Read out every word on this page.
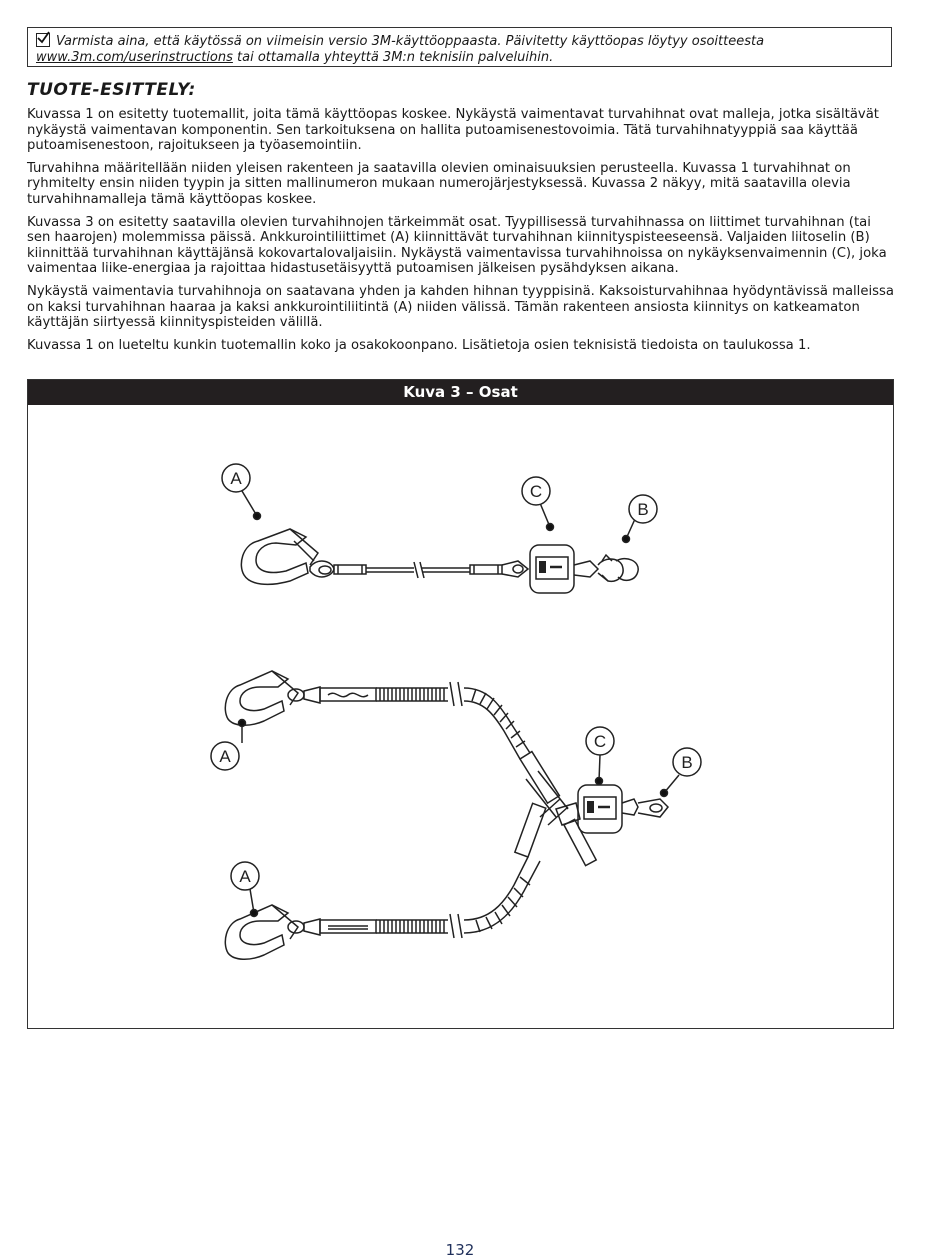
Varmista aina, että käytössä on viimeisin versio 3M-käyttöoppaasta. Päivitetty käyttöopas löytyy osoitteesta
www.3m.com/userinstructions tai ottamalla yhteyttä 3M:n teknisiin palveluihin.
TUOTE-ESITTELY:

Kuvassa 1 on esitetty tuotemallit, joita tämä käyttöopas koskee. Nykäystä vaimentavat turvahihnat ovat malleja, jotka sisältävät nykäystä vaimentavan komponentin. Sen tarkoituksena on hallita putoamisenestovoimia. Tätä turvahihnatyyppiä saa käyttää putoamisenestoon, rajoitukseen ja työasemointiin.

Turvahihna määritellään niiden yleisen rakenteen ja saatavilla olevien ominaisuuksien perusteella. Kuvassa 1 turvahihnat on ryhmitelty ensin niiden tyypin ja sitten mallinumeron mukaan numerojärjestyksessä. Kuvassa 2 näkyy, mitä saatavilla olevia turvahihnamalleja tämä käyttöopas koskee.

Kuvassa 3 on esitetty saatavilla olevien turvahihnojen tärkeimmät osat. Tyypillisessä turvahihnassa on liittimet turvahihnan (tai sen haarojen) molemmissa päissä. Ankkurointiliittimet (A) kiinnittävät turvahihnan kiinnityspisteeseensä. Valjaiden liitoselin (B) kiinnittää turvahihnan käyttäjänsä kokovartalovaljaisiin. Nykäystä vaimentavissa turvahihnoissa on nykäyksenvaimennin (C), joka vaimentaa liike-energiaa ja rajoittaa hidastusetäisyyttä putoamisen jälkeisen pysähdyksen aikana.

Nykäystä vaimentavia turvahihnoja on saatavana yhden ja kahden hihnan tyyppisinä. Kaksoisturvahihnaa hyödyntävissä malleissa on kaksi turvahihnan haaraa ja kaksi ankkurointiliitintä (A) niiden välissä. Tämän rakenteen ansiosta kiinnitys on katkeamaton käyttäjän siirtyessä kiinnityspisteiden välillä.

Kuvassa 1 on lueteltu kunkin tuotemallin koko ja osakokoonpano. Lisätietoja osien teknisistä tiedoista on taulukossa 1.

Kuva 3 – Osat
A
C
B
A
A
C
B
132
